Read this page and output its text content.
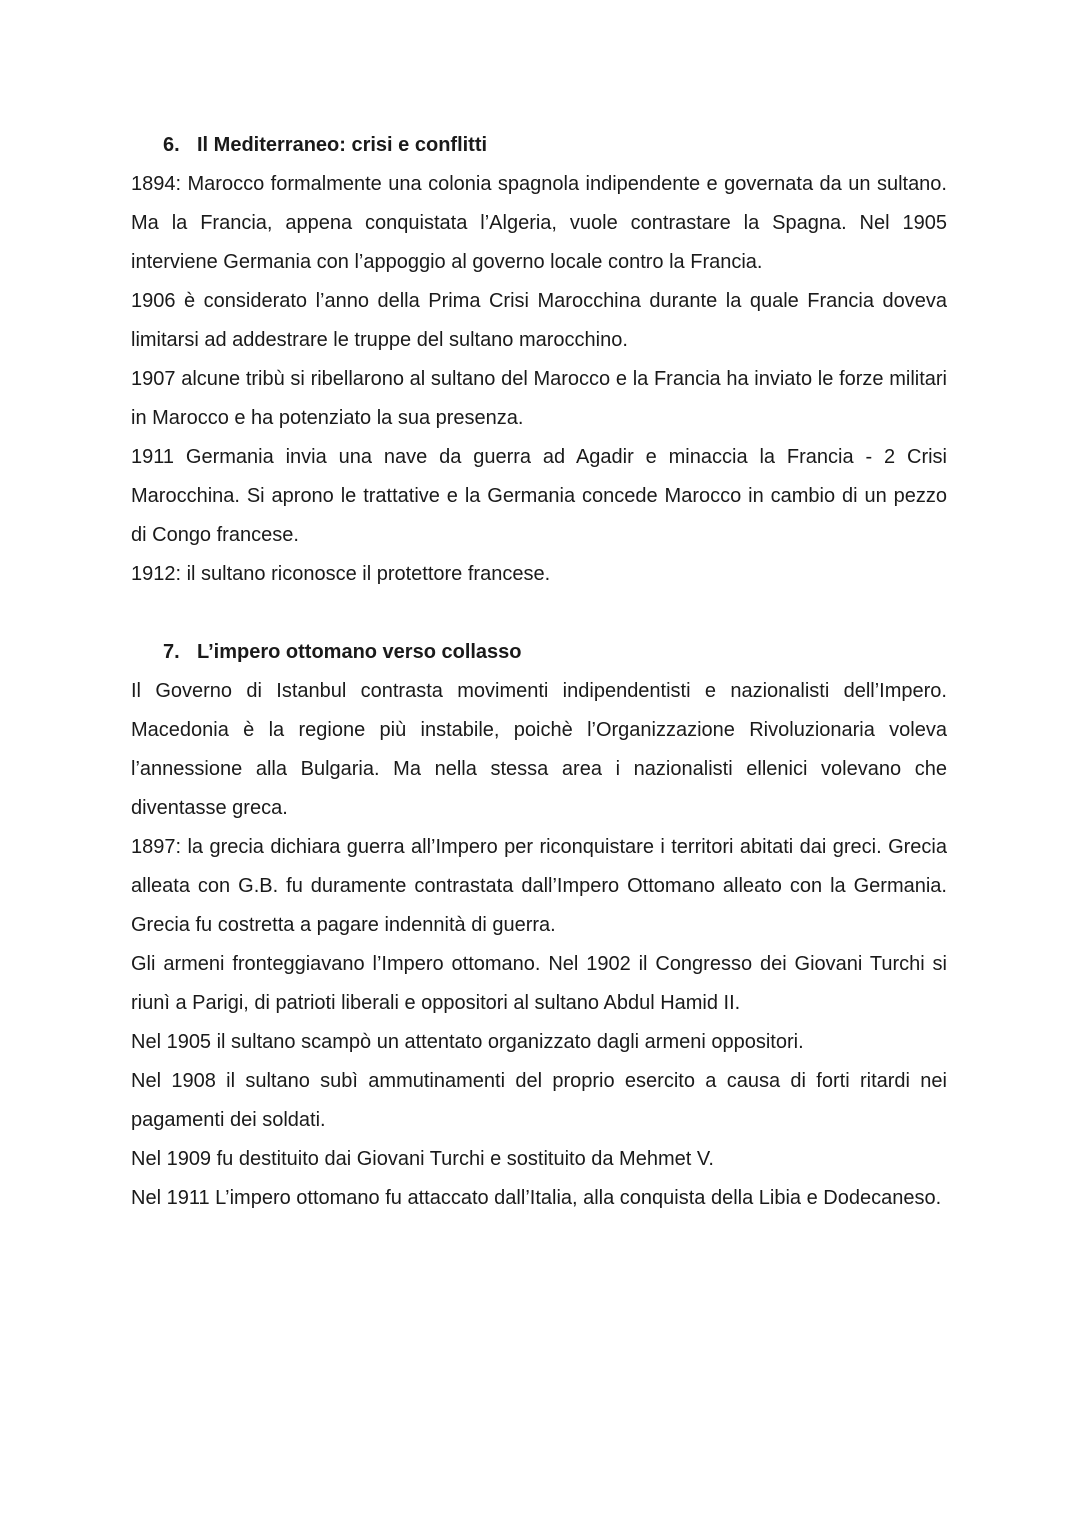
6. Il Mediterraneo: crisi e conflitti

1894: Marocco formalmente una colonia spagnola indipendente e governata da un sultano. Ma la Francia, appena conquistata l’Algeria, vuole contrastare la Spagna. Nel 1905 interviene Germania con l’appoggio al governo locale contro la Francia.

1906 è considerato l’anno della Prima Crisi Marocchina durante la quale Francia doveva limitarsi ad addestrare le truppe del sultano marocchino.

1907 alcune tribù si ribellarono al sultano del Marocco e la Francia ha inviato le forze militari in Marocco e ha potenziato la sua presenza.

1911 Germania invia una nave da guerra ad Agadir e minaccia la Francia - 2 Crisi Marocchina. Si aprono le trattative e la Germania concede Marocco in cambio di un pezzo di Congo francese.

1912: il sultano riconosce il protettore francese.

7. L’impero ottomano verso collasso

Il Governo di Istanbul contrasta movimenti indipendentisti e nazionalisti dell’Impero. Macedonia è la regione più instabile, poichè l’Organizzazione Rivoluzionaria voleva l’annessione alla Bulgaria. Ma nella stessa area i nazionalisti ellenici volevano che diventasse greca.

1897: la grecia dichiara guerra all’Impero per riconquistare i territori abitati dai greci. Grecia alleata con G.B. fu duramente contrastata dall’Impero Ottomano alleato con la Germania. Grecia fu costretta a pagare indennità di guerra.

Gli armeni fronteggiavano l’Impero ottomano. Nel 1902 il Congresso dei Giovani Turchi si riunì a Parigi, di patrioti liberali e oppositori al sultano Abdul Hamid II.

Nel 1905 il sultano scampò un attentato organizzato dagli armeni oppositori.

Nel 1908 il sultano subì ammutinamenti del proprio esercito a causa di forti ritardi nei pagamenti dei soldati.

Nel 1909 fu destituito dai Giovani Turchi e sostituito da Mehmet V.

Nel 1911 L’impero ottomano fu attaccato dall’Italia, alla conquista della Libia e Dodecaneso.
